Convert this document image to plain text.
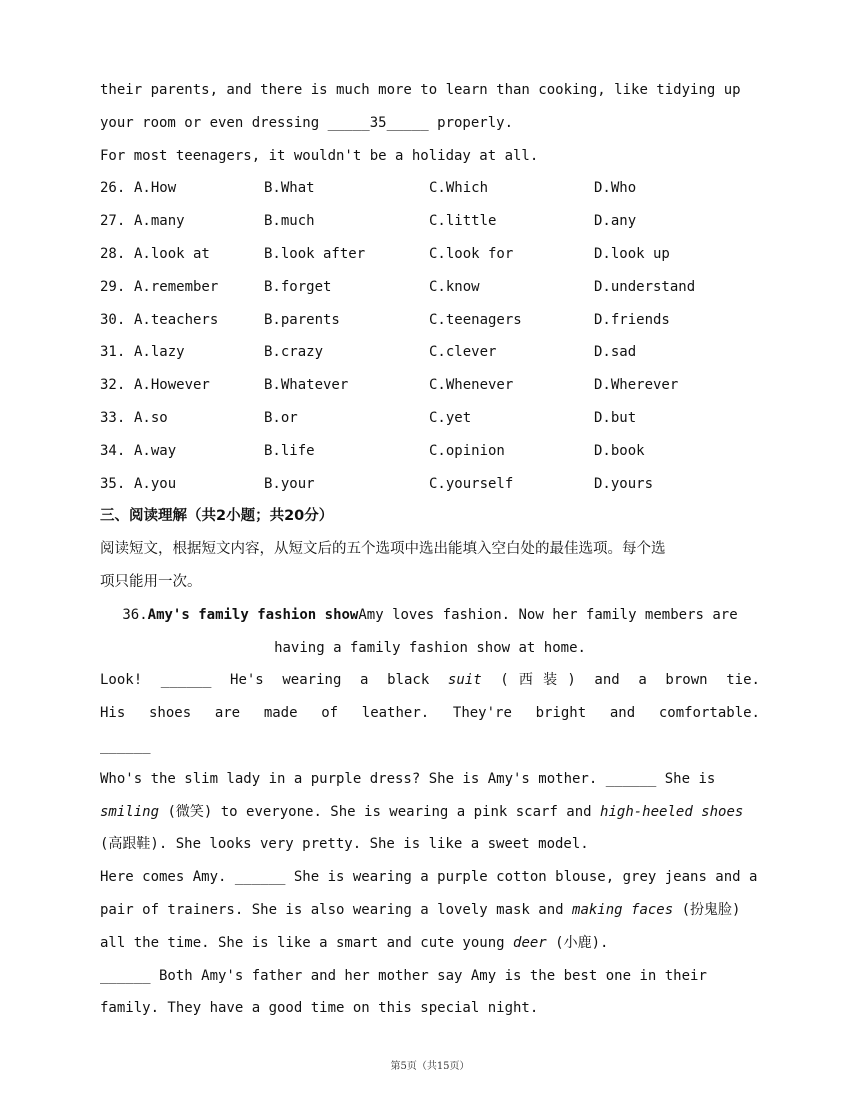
their parents, and there is much more to learn than cooking, like tidying up
your room or even dressing _____35_____ properly.
For most teenagers, it wouldn't be a holiday at all.
26. A.How	B.What	C.Which	D.Who
27. A.many	B.much	C.little	D.any
28. A.look at	B.look after	C.look for	D.look up
29. A.remember	B.forget	C.know	D.understand
30. A.teachers	B.parents	C.teenagers	D.friends
31. A.lazy	B.crazy	C.clever	D.sad
32. A.However	B.Whatever	C.Whenever	D.Wherever
33. A.so	B.or	C.yet	D.but
34. A.way	B.life	C.opinion	D.book
35. A.you	B.your	C.yourself	D.yours
三、阅读理解（共2小题；共20分）
阅读短文，根据短文内容，从短文后的五个选项中选出能填入空白处的最佳选项。每个选
项只能用一次。
36.Amy's family fashion showAmy loves fashion. Now her family members are
having a family fashion show at home.
Look! ______ He's wearing a black suit (西装) and a brown tie.
His shoes are made of leather. They're bright and comfortable.
______
Who's the slim lady in a purple dress? She is Amy's mother. ______ She is
smiling (微笑) to everyone. She is wearing a pink scarf and high-heeled shoes
(高跟鞋). She looks very pretty. She is like a sweet model.
Here comes Amy. ______ She is wearing a purple cotton blouse, grey jeans and a
pair of trainers. She is also wearing a lovely mask and making faces (扮鬼脸)
all the time. She is like a smart and cute young deer (小鹿).
______ Both Amy's father and her mother say Amy is the best one in their
family. They have a good time on this special night.
第5页（共15页）
